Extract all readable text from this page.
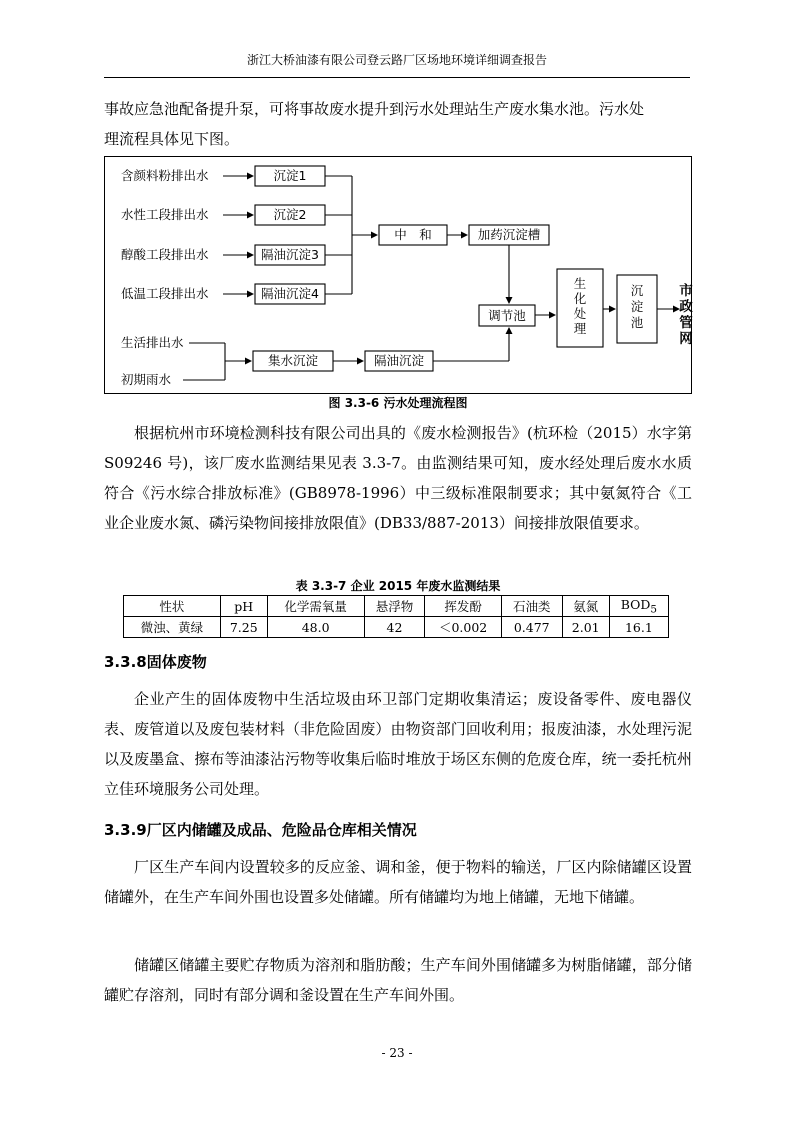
浙江大桥油漆有限公司登云路厂区场地环境详细调查报告

事故应急池配备提升泵，可将事故废水提升到污水处理站生产废水集水池。污水处
理流程具体见下图。

含颜料粉排出水
水性工段排出水
醇酸工段排出水
低温工段排出水
沉淀1
沉淀2
隔油沉淀3
隔油沉淀4
中　和	加药沉淀槽
调节池
生
化
处
理
沉
淀
池
市
政
管
网
生活排出水
初期雨水
集水沉淀	隔油沉淀
图 3.3-6 污水处理流程图

根据杭州市环境检测科技有限公司出具的《废水检测报告》(杭环检（2015）水字第 S09246 号)，该厂废水监测结果见表 3.3-7。由监测结果可知，废水经处理后废水水质符合《污水综合排放标准》(GB8978-1996）中三级标准限制要求；其中氨氮符合《工业企业废水氮、磷污染物间接排放限值》(DB33/887-2013）间接排放限值要求。

表 3.3-7 企业 2015 年废水监测结果
性状	pH	化学需氧量	悬浮物	挥发酚	石油类	氨氮	$BOD_5$
微浊、黄绿	7.25	48.0	42	＜0.002	0.477	2.01	16.1
3.3.8固体废物

企业产生的固体废物中生活垃圾由环卫部门定期收集清运；废设备零件、废电器仪表、废管道以及废包装材料（非危险固废）由物资部门回收利用；报废油漆，水处理污泥以及废墨盒、擦布等油漆沾污物等收集后临时堆放于场区东侧的危废仓库，统一委托杭州立佳环境服务公司处理。

3.3.9厂区内储罐及成品、危险品仓库相关情况

厂区生产车间内设置较多的反应釜、调和釜，便于物料的输送，厂区内除储罐区设置储罐外，在生产车间外围也设置多处储罐。所有储罐均为地上储罐，无地下储罐。

储罐区储罐主要贮存物质为溶剂和脂肪酸；生产车间外围储罐多为树脂储罐，部分储罐贮存溶剂，同时有部分调和釜设置在生产车间外围。

- 23 -
